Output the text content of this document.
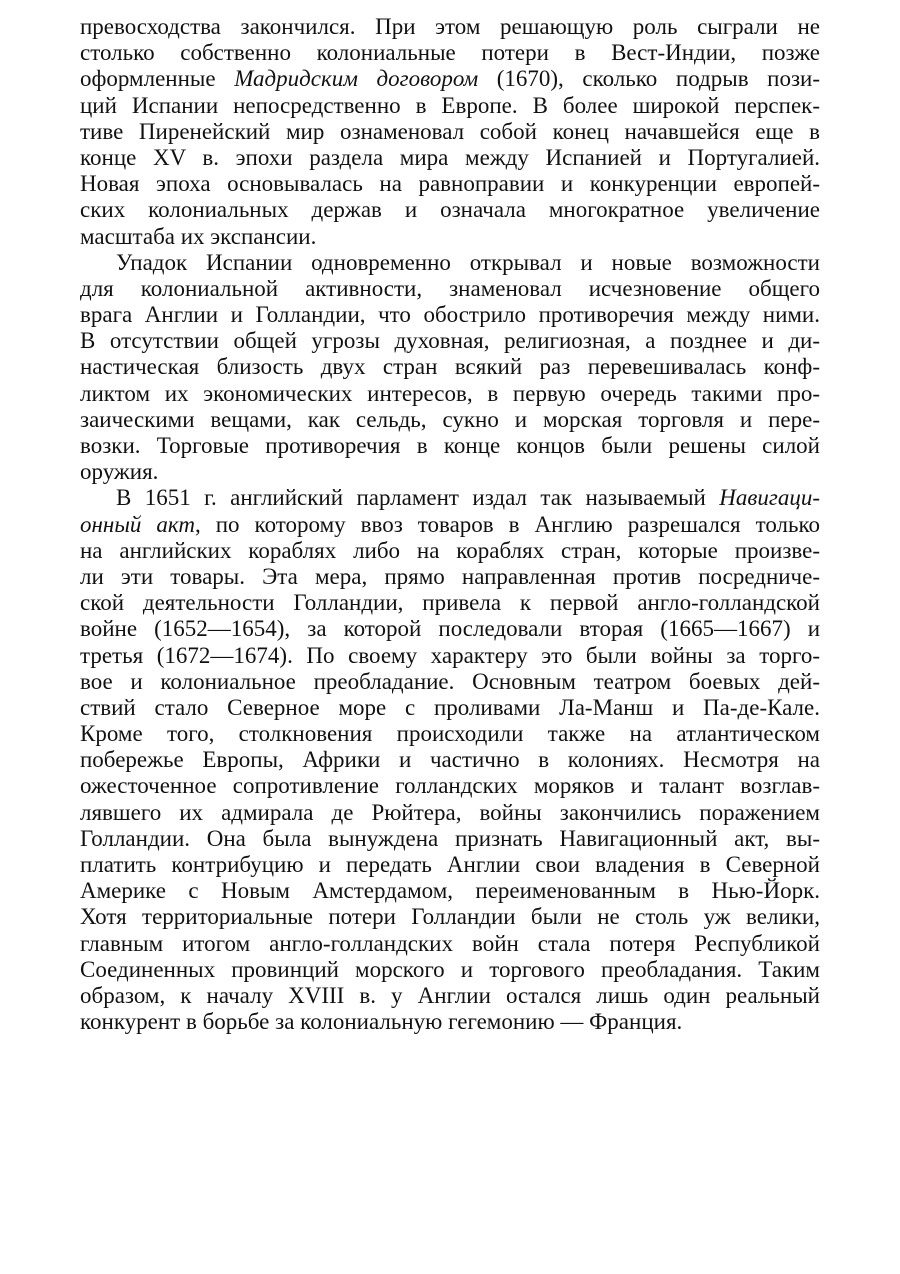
превосходства закончился. При этом решающую роль сыграли не
столько собственно колониальные потери в Вест-Индии, позже
оформленные Мадридским договором (1670), сколько подрыв пози-
ций Испании непосредственно в Европе. В более широкой перспек-
тиве Пиренейский мир ознаменовал собой конец начавшейся еще в
конце XV в. эпохи раздела мира между Испанией и Португалией.
Новая эпоха основывалась на равноправии и конкуренции европей-
ских колониальных держав и означала многократное увеличение
масштаба их экспансии.
Упадок Испании одновременно открывал и новые возможности
для колониальной активности, знаменовал исчезновение общего
врага Англии и Голландии, что обострило противоречия между ними.
В отсутствии общей угрозы духовная, религиозная, а позднее и ди-
настическая близость двух стран всякий раз перевешивалась конф-
ликтом их экономических интересов, в первую очередь такими про-
заическими вещами, как сельдь, сукно и морская торговля и пере-
возки. Торговые противоречия в конце концов были решены силой
оружия.
В 1651 г. английский парламент издал так называемый Навигаци-
онный акт, по которому ввоз товаров в Англию разрешался только
на английских кораблях либо на кораблях стран, которые произве-
ли эти товары. Эта мера, прямо направленная против посредниче-
ской деятельности Голландии, привела к первой англо-голландской
войне (1652—1654), за которой последовали вторая (1665—1667) и
третья (1672—1674). По своему характеру это были войны за торго-
вое и колониальное преобладание. Основным театром боевых дей-
ствий стало Северное море с проливами Ла-Манш и Па-де-Кале.
Кроме того, столкновения происходили также на атлантическом
побережье Европы, Африки и частично в колониях. Несмотря на
ожесточенное сопротивление голландских моряков и талант возглав-
лявшего их адмирала де Рюйтера, войны закончились поражением
Голландии. Она была вынуждена признать Навигационный акт, вы-
платить контрибуцию и передать Англии свои владения в Северной
Америке с Новым Амстердамом, переименованным в Нью-Йорк.
Хотя территориальные потери Голландии были не столь уж велики,
главным итогом англо-голландских войн стала потеря Республикой
Соединенных провинций морского и торгового преобладания. Таким
образом, к началу XVIII в. у Англии остался лишь один реальный
конкурент в борьбе за колониальную гегемонию — Франция.
